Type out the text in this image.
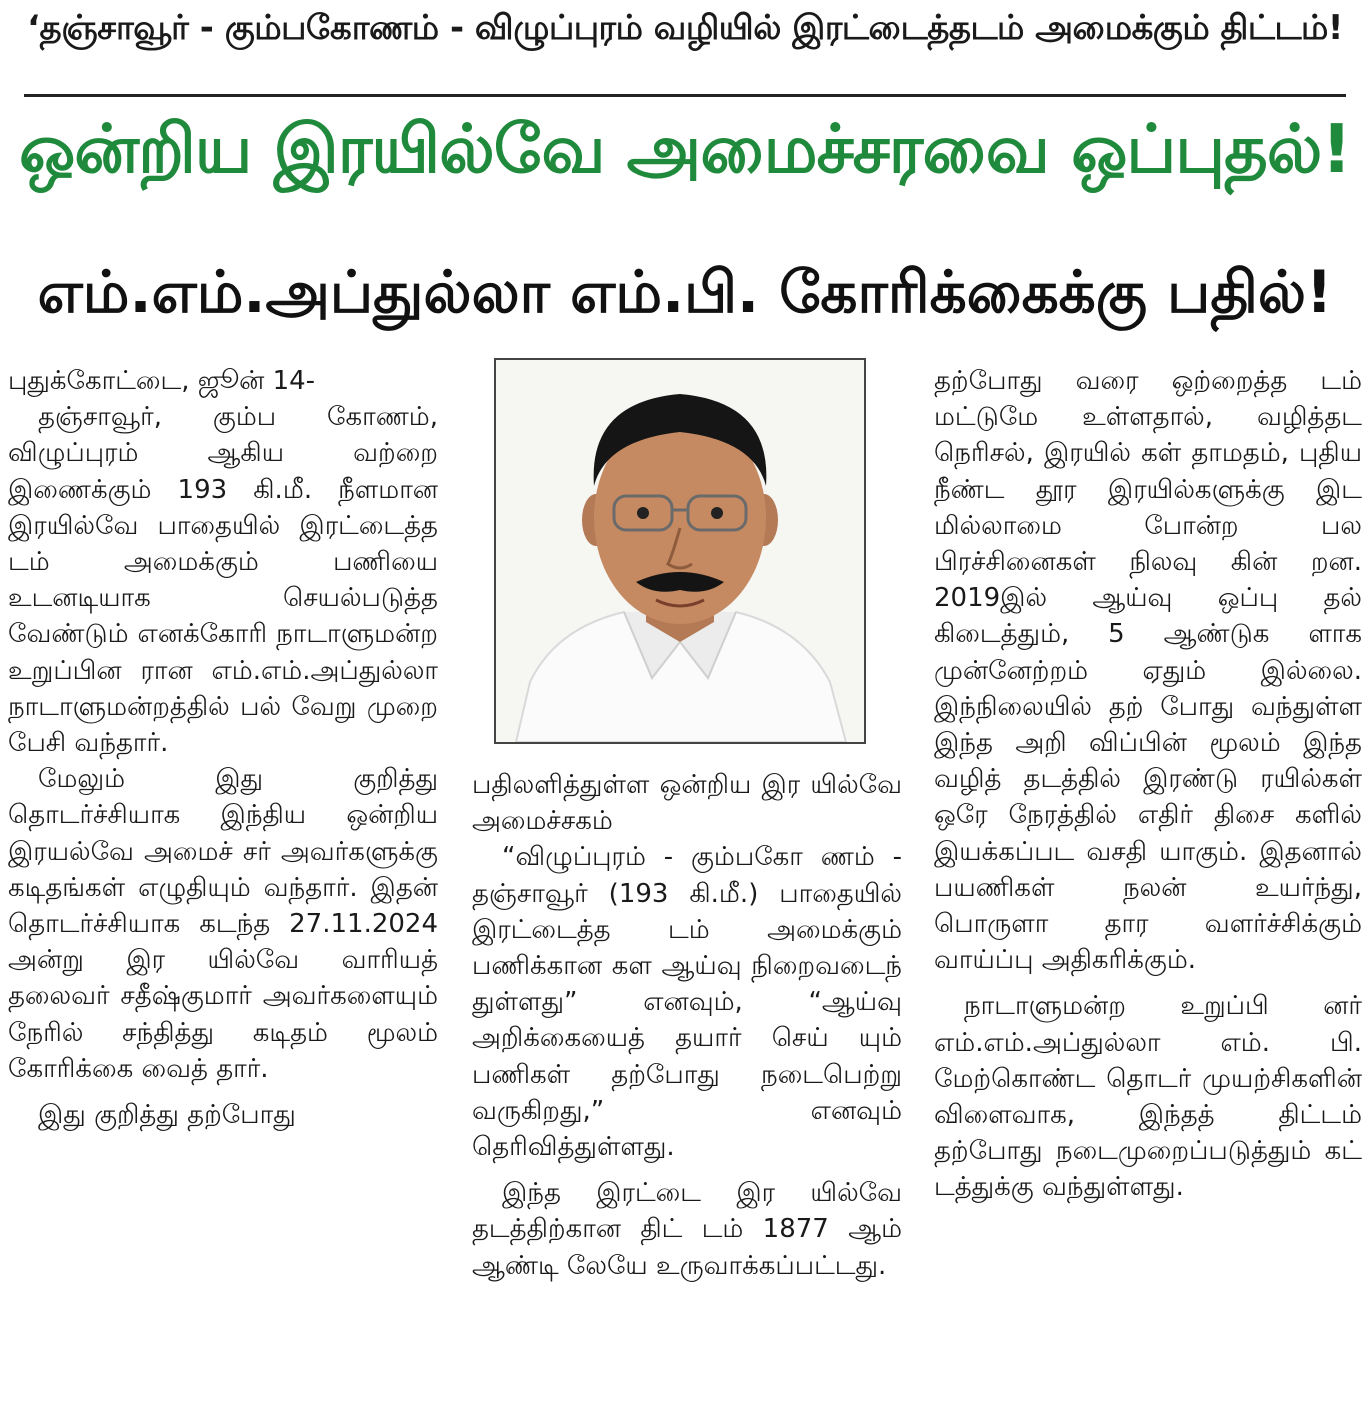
‘தஞ்சாவூர் - கும்பகோணம் - விழுப்புரம் வழியில் இரட்டைத்தடம் அமைக்கும் திட்டம்!
ஒன்றிய இரயில்வே அமைச்சரவை ஒப்புதல்!
எம்.எம்.அப்துல்லா எம்.பி. கோரிக்கைக்கு பதில்!

புதுக்கோட்டை, ஜூன் 14-

தஞ்சாவூர், கும்ப கோணம், விழுப்புரம் ஆகிய வற்றை இணைக்கும் 193 கி.மீ. நீளமான இரயில்வே பாதையில் இரட்டைத்த டம் அமைக்கும் பணியை உடனடியாக செயல்படுத்த வேண்டும் எனக்கோரி நாடாளுமன்ற உறுப்பின ரான எம்.எம்.அப்துல்லா நாடாளுமன்றத்தில் பல் வேறு முறை பேசி வந்தார்.

மேலும் இது குறித்து தொடர்ச்சியாக இந்திய ஒன்றிய இரயல்வே அமைச் சர் அவர்களுக்கு கடிதங்கள் எழுதியும் வந்தார். இதன் தொடர்ச்சியாக கடந்த 27.11.2024 அன்று இர யில்வே வாரியத் தலைவர் சதீஷ்குமார் அவர்களையும் நேரில் சந்தித்து கடிதம் மூலம் கோரிக்கை வைத் தார்.

இது குறித்து தற்போது

பதிலளித்துள்ள ஒன்றிய இர யில்வே அமைச்சகம்

“விழுப்புரம் - கும்பகோ ணம் - தஞ்சாவூர் (193 கி.மீ.) பாதையில் இரட்டைத்த டம் அமைக்கும் பணிக்கான கள ஆய்வு நிறைவடைந் துள்ளது” எனவும், “ஆய்வு அறிக்கையைத் தயார் செய் யும் பணிகள் தற்போது நடைபெற்று வருகிறது,” எனவும் தெரிவித்துள்ளது.

இந்த இரட்டை இர யில்வே தடத்திற்கான திட் டம் 1877 ஆம் ஆண்டி லேயே உருவாக்கப்பட்டது.

தற்போது வரை ஒற்றைத்த டம் மட்டுமே உள்ளதால், வழித்தட நெரிசல், இரயில் கள் தாமதம், புதிய நீண்ட தூர இரயில்களுக்கு இட மில்லாமை போன்ற பல பிரச்சினைகள் நிலவு கின் றன. 2019இல் ஆய்வு ஒப்பு தல் கிடைத்தும், 5 ஆண்டுக ளாக முன்னேற்றம் ஏதும் இல்லை. இந்நிலையில் தற் போது வந்துள்ள இந்த அறி விப்பின் மூலம் இந்த வழித் தடத்தில் இரண்டு ரயில்கள் ஒரே நேரத்தில் எதிர் திசை களில் இயக்கப்பட வசதி யாகும். இதனால் பயணிகள் நலன் உயர்ந்து, பொருளா தார வளர்ச்சிக்கும் வாய்ப்பு அதிகரிக்கும்.

நாடாளுமன்ற உறுப்பி னர் எம்.எம்.அப்துல்லா எம். பி. மேற்கொண்ட தொடர் முயற்சிகளின் விளைவாக, இந்தத் திட்டம் தற்போது நடைமுறைப்படுத்தும் கட் டத்துக்கு வந்துள்ளது.
